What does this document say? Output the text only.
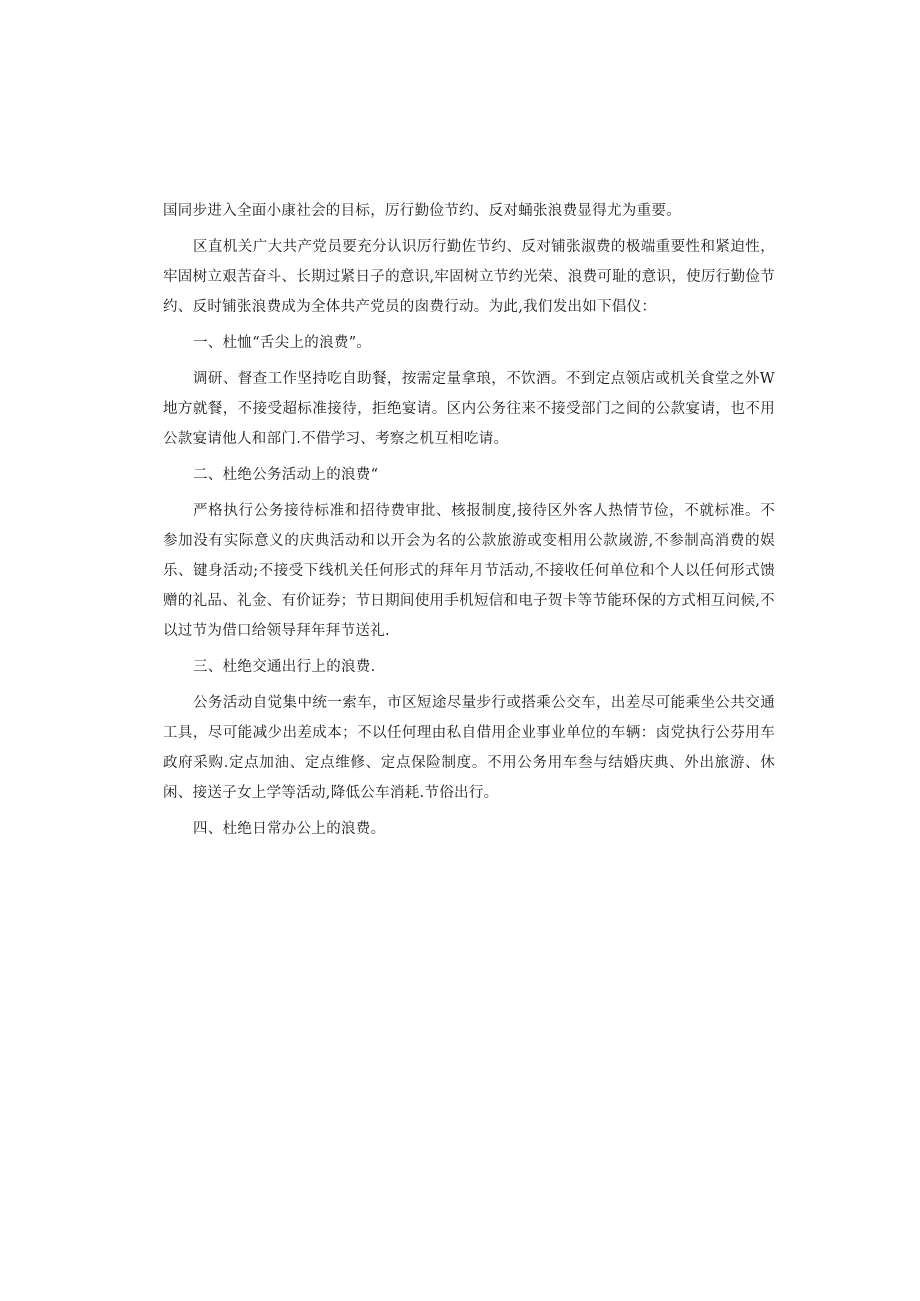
国同步进入全面小康社会的目标，厉行勤俭节约、反对蛹张浪费显得尤为重要。

区直机关广大共产党员要充分认识厉行勤佐节约、反对铺张淑费的极端重要性和紧迫性，牢固树立艰苦奋斗、长期过紧日子的意识,牢固树立节约光荣、浪费可耻的意识，使厉行勤俭节约、反时铺张浪费成为全体共产党员的囱费行动。为此,我们发出如下倡仪：

一、杜恤“舌尖上的浪费”。

调研、督查工作坚持吃自助餐，按需定量拿琅，不饮酒。不到定点领店或机关食堂之外W地方就餐，不接受超标准接待，拒绝宴请。区内公务往来不接受部门之间的公款宴请，也不用公款宴请他人和部门.不借学习、考察之机互相吃请。

二、杜绝公务活动上的浪费“

严格执行公务接待标准和招待费审批、核报制度,接待区外客人热情节俭，不就标准。不参加没有实际意义的庆典活动和以开会为名的公款旅游或变相用公款嵗游,不参制高消费的娱乐、键身活动;不接受下线机关任何形式的拜年月节活动,不接收任何单位和个人以任何形式馈赠的礼品、礼金、有价证券；节日期间使用手机短信和电子贺卡等节能环保的方式相互问候,不以过节为借口给领导拜年拜节送礼.

三、杜绝交通出行上的浪费.

公务活动自觉集中统一索车，市区短途尽量步行或搭乘公交车，出差尽可能乘坐公共交通工具，尽可能减少出差成本；不以任何理由私自借用企业事业单位的车辆：卤党执行公芬用车政府采购.定点加油、定点维修、定点保险制度。不用公务用车叁与结婚庆典、外出旅游、休闲、接送子女上学等活动,降低公车消耗.节俗出行。

四、杜绝日常办公上的浪费。
